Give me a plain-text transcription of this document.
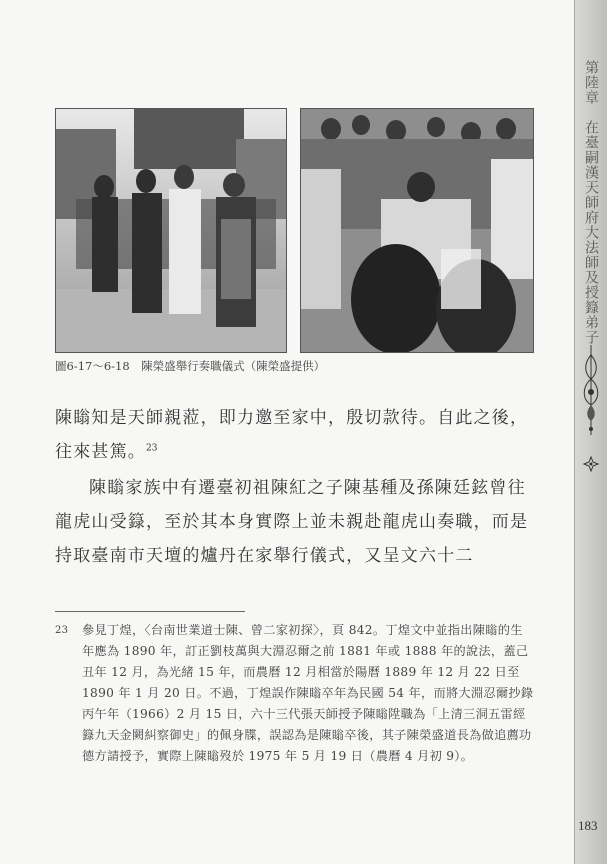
第陸章　在臺嗣漢天師府大法師及授籙弟子
圖6-17～6-18　陳榮盛舉行奏職儀式（陳榮盛提供）

陳瞈知是天師親蒞，即力邀至家中，殷切款待。自此之後，往來甚篤。$^{23}$

陳瞈家族中有遷臺初祖陳紅之子陳基種及孫陳廷鉉曾往龍虎山受籙，至於其本身實際上並未親赴龍虎山奏職，而是持取臺南市天壇的爐丹在家舉行儀式，又呈文六十二

23 參見丁煌，〈台南世業道士陳、曾二家初探〉，頁 842。丁煌文中並指出陳瞈的生年應為 1890 年，訂正劉枝萬與大淵忍爾之前 1881 年或 1888 年的說法，蓋己丑年 12 月，為光緒 15 年，而農曆 12 月相當於陽曆 1889 年 12 月 22 日至 1890 年 1 月 20 日。不過，丁煌誤作陳瞈卒年為民國 54 年，而將大淵忍爾抄錄丙午年（1966）2 月 15 日，六十三代張天師授予陳瞈陞職為「上清三洞五雷經籙九天金闕糾察御史」的佩身牒，誤認為是陳瞈卒後，其子陳榮盛道長為做追薦功德方請授予，實際上陳瞈歿於 1975 年 5 月 19 日（農曆 4 月初 9）。
183
